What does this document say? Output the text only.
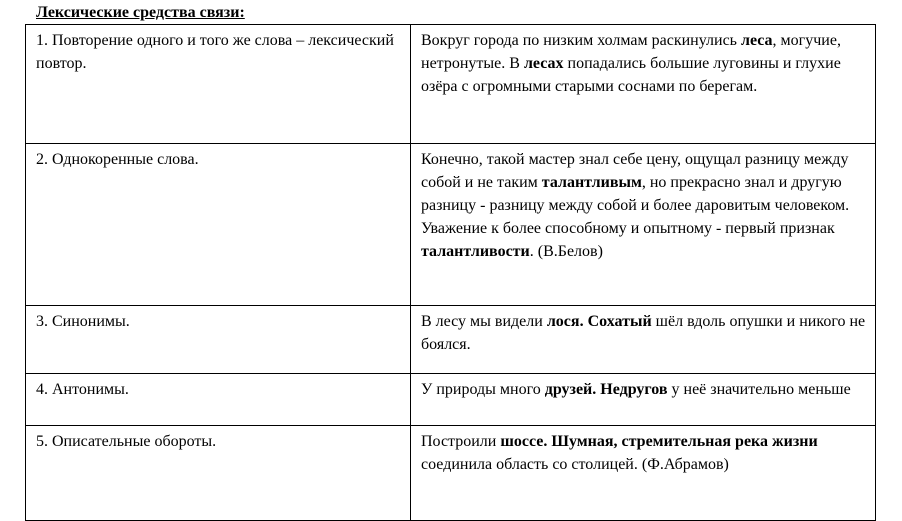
Лексические средства связи:
1. Повторение одного и того же слова – лексический повтор.	Вокруг города по низким холмам раскинулись леса, могучие, нетронутые. В лесах попадались большие луговины и глухие озёра с огромными старыми соснами по берегам.
2. Однокоренные слова.	Конечно, такой мастер знал себе цену, ощущал разницу между собой и не таким талантливым, но прекрасно знал и другую разницу - разницу между собой и более даровитым человеком. Уважение к более способному и опытному - первый признак талантливости. (В.Белов)
3. Синонимы.	В лесу мы видели лося. Сохатый шёл вдоль опушки и никого не боялся.
4. Антонимы.	У природы много друзей. Недругов у неё значительно меньше
5. Описательные обороты.	Построили шоссе. Шумная, стремительная река жизни соединила область со столицей. (Ф.Абрамов)
